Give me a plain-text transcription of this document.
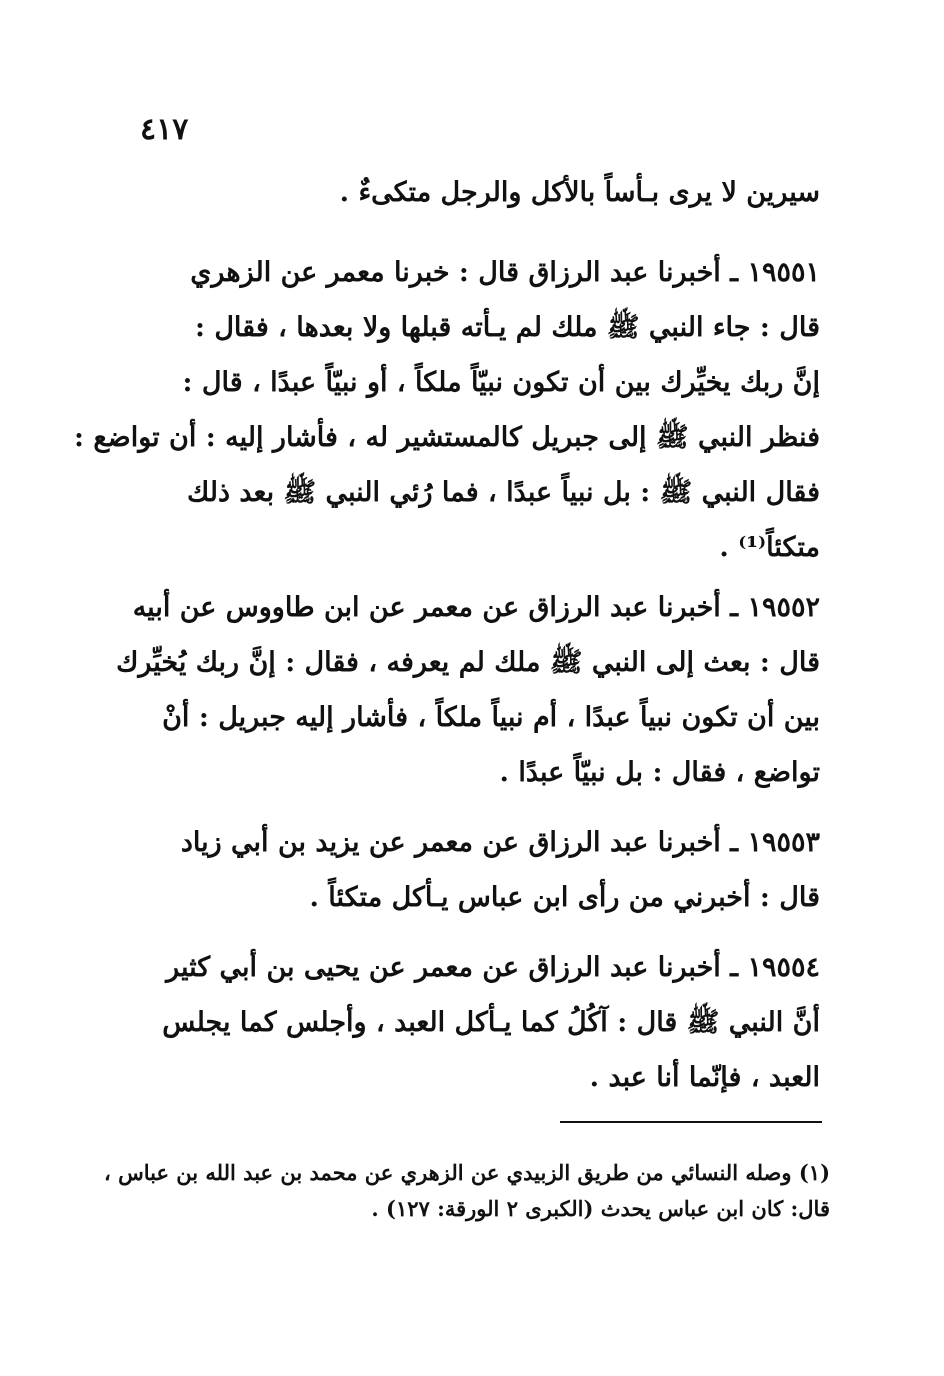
٤١٧
سيرين لا يرى بـأساً بالأكل والرجل متكىءٌ .
١٩٥٥١ ـ أخبرنا عبد الرزاق قال : خبرنا معمر عن الزهري
قال : جاء النبي ﷺ ملك لم يـأته قبلها ولا بعدها ، فقال :
إنَّ ربك يخيِّرك بين أن تكون نبيّاً ملكاً ، أو نبيّاً عبدًا ، قال :
فنظر النبي ﷺ إلى جبريل كالمستشير له ، فأشار إليه : أن تواضع :
فقال النبي ﷺ : بل نبياً عبدًا ، فما رُئي النبي ﷺ بعد ذلك
متكئاً⁽¹⁾ .
١٩٥٥٢ ـ أخبرنا عبد الرزاق عن معمر عن ابن طاووس عن أبيه
قال : بعث إلى النبي ﷺ ملك لم يعرفه ، فقال : إنَّ ربك يُخيِّرك
بين أن تكون نبياً عبدًا ، أم نبياً ملكاً ، فأشار إليه جبريل : أنْ
تواضع ، فقال : بل نبيّاً عبدًا .
١٩٥٥٣ ـ أخبرنا عبد الرزاق عن معمر عن يزيد بن أبي زياد
قال : أخبرني من رأى ابن عباس يـأكل متكئاً .
١٩٥٥٤ ـ أخبرنا عبد الرزاق عن معمر عن يحيى بن أبي كثير
أنَّ النبي ﷺ قال : آكُلُ كما يـأكل العبد ، وأجلس كما يجلس
العبد ، فإنّما أنا عبد .
(١) وصله النسائي من طريق الزبيدي عن الزهري عن محمد بن عبد الله بن عباس ،
قال: كان ابن عباس يحدث (الكبرى ٢ الورقة: ١٢٧) .
